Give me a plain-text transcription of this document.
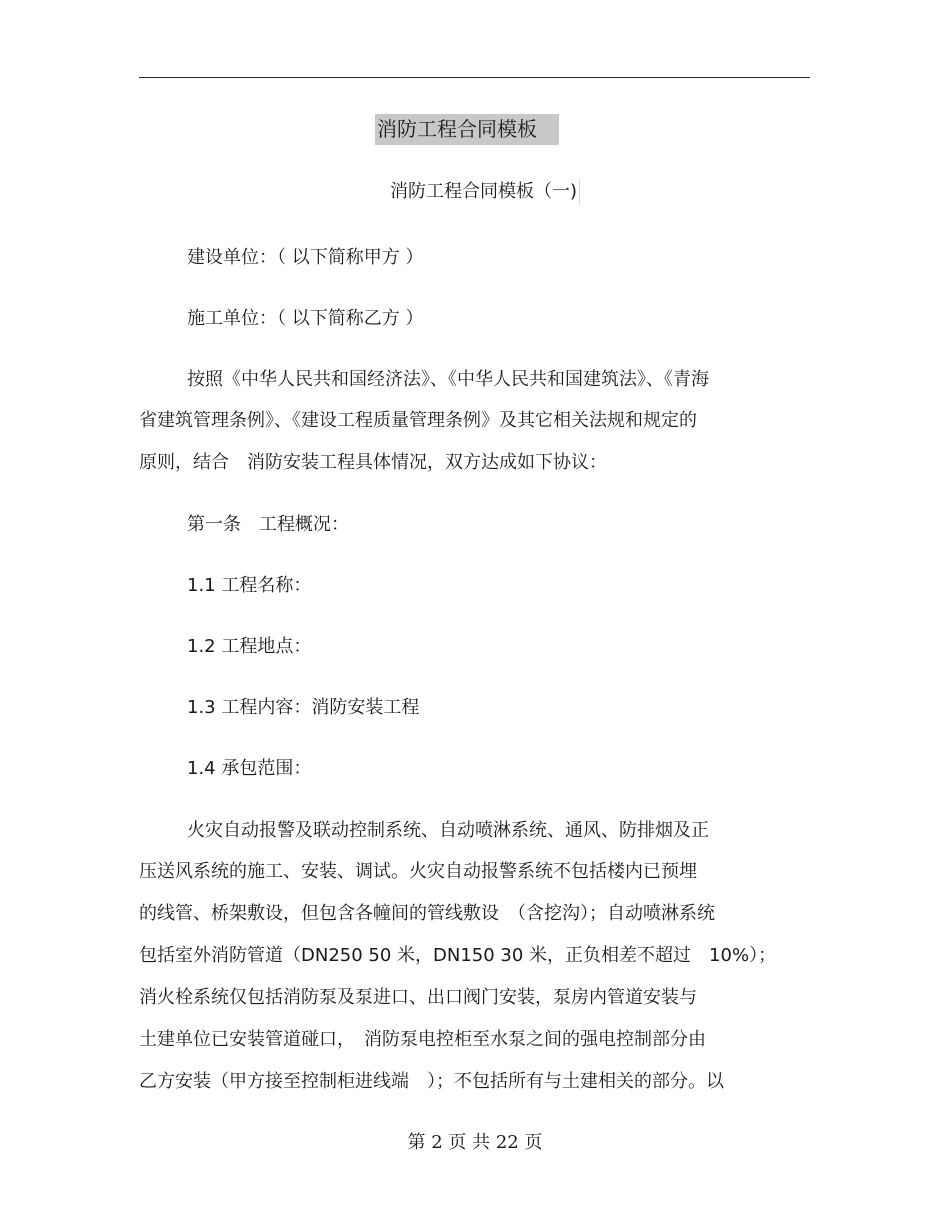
消防工程合同模板
消防工程合同模板（一)
建设单位：（ 以下简称甲方 ）
施工单位：（ 以下简称乙方 ）
按照《中华人民共和国经济法》、《中华人民共和国建筑法》、《青海
省建筑管理条例》、《建设工程质量管理条例》及其它相关法规和规定的
原则，结合　消防安装工程具体情况，双方达成如下协议：
第一条　工程概况：
1.1 工程名称：
1.2 工程地点：
1.3 工程内容：消防安装工程
1.4 承包范围：
火灾自动报警及联动控制系统、自动喷淋系统、通风、防排烟及正
压送风系统的施工、安装、调试。火灾自动报警系统不包括楼内已预埋
的线管、桥架敷设，但包含各幢间的管线敷设　（含挖沟）；自动喷淋系统
包括室外消防管道（DN250 50 米，DN150 30 米，正负相差不超过　10%）；
消火栓系统仅包括消防泵及泵进口、出口阀门安装，泵房内管道安装与
土建单位已安装管道碰口，　消防泵电控柜至水泵之间的强电控制部分由
乙方安装（甲方接至控制柜进线端　）；不包括所有与土建相关的部分。以
第 2 页 共 22 页
